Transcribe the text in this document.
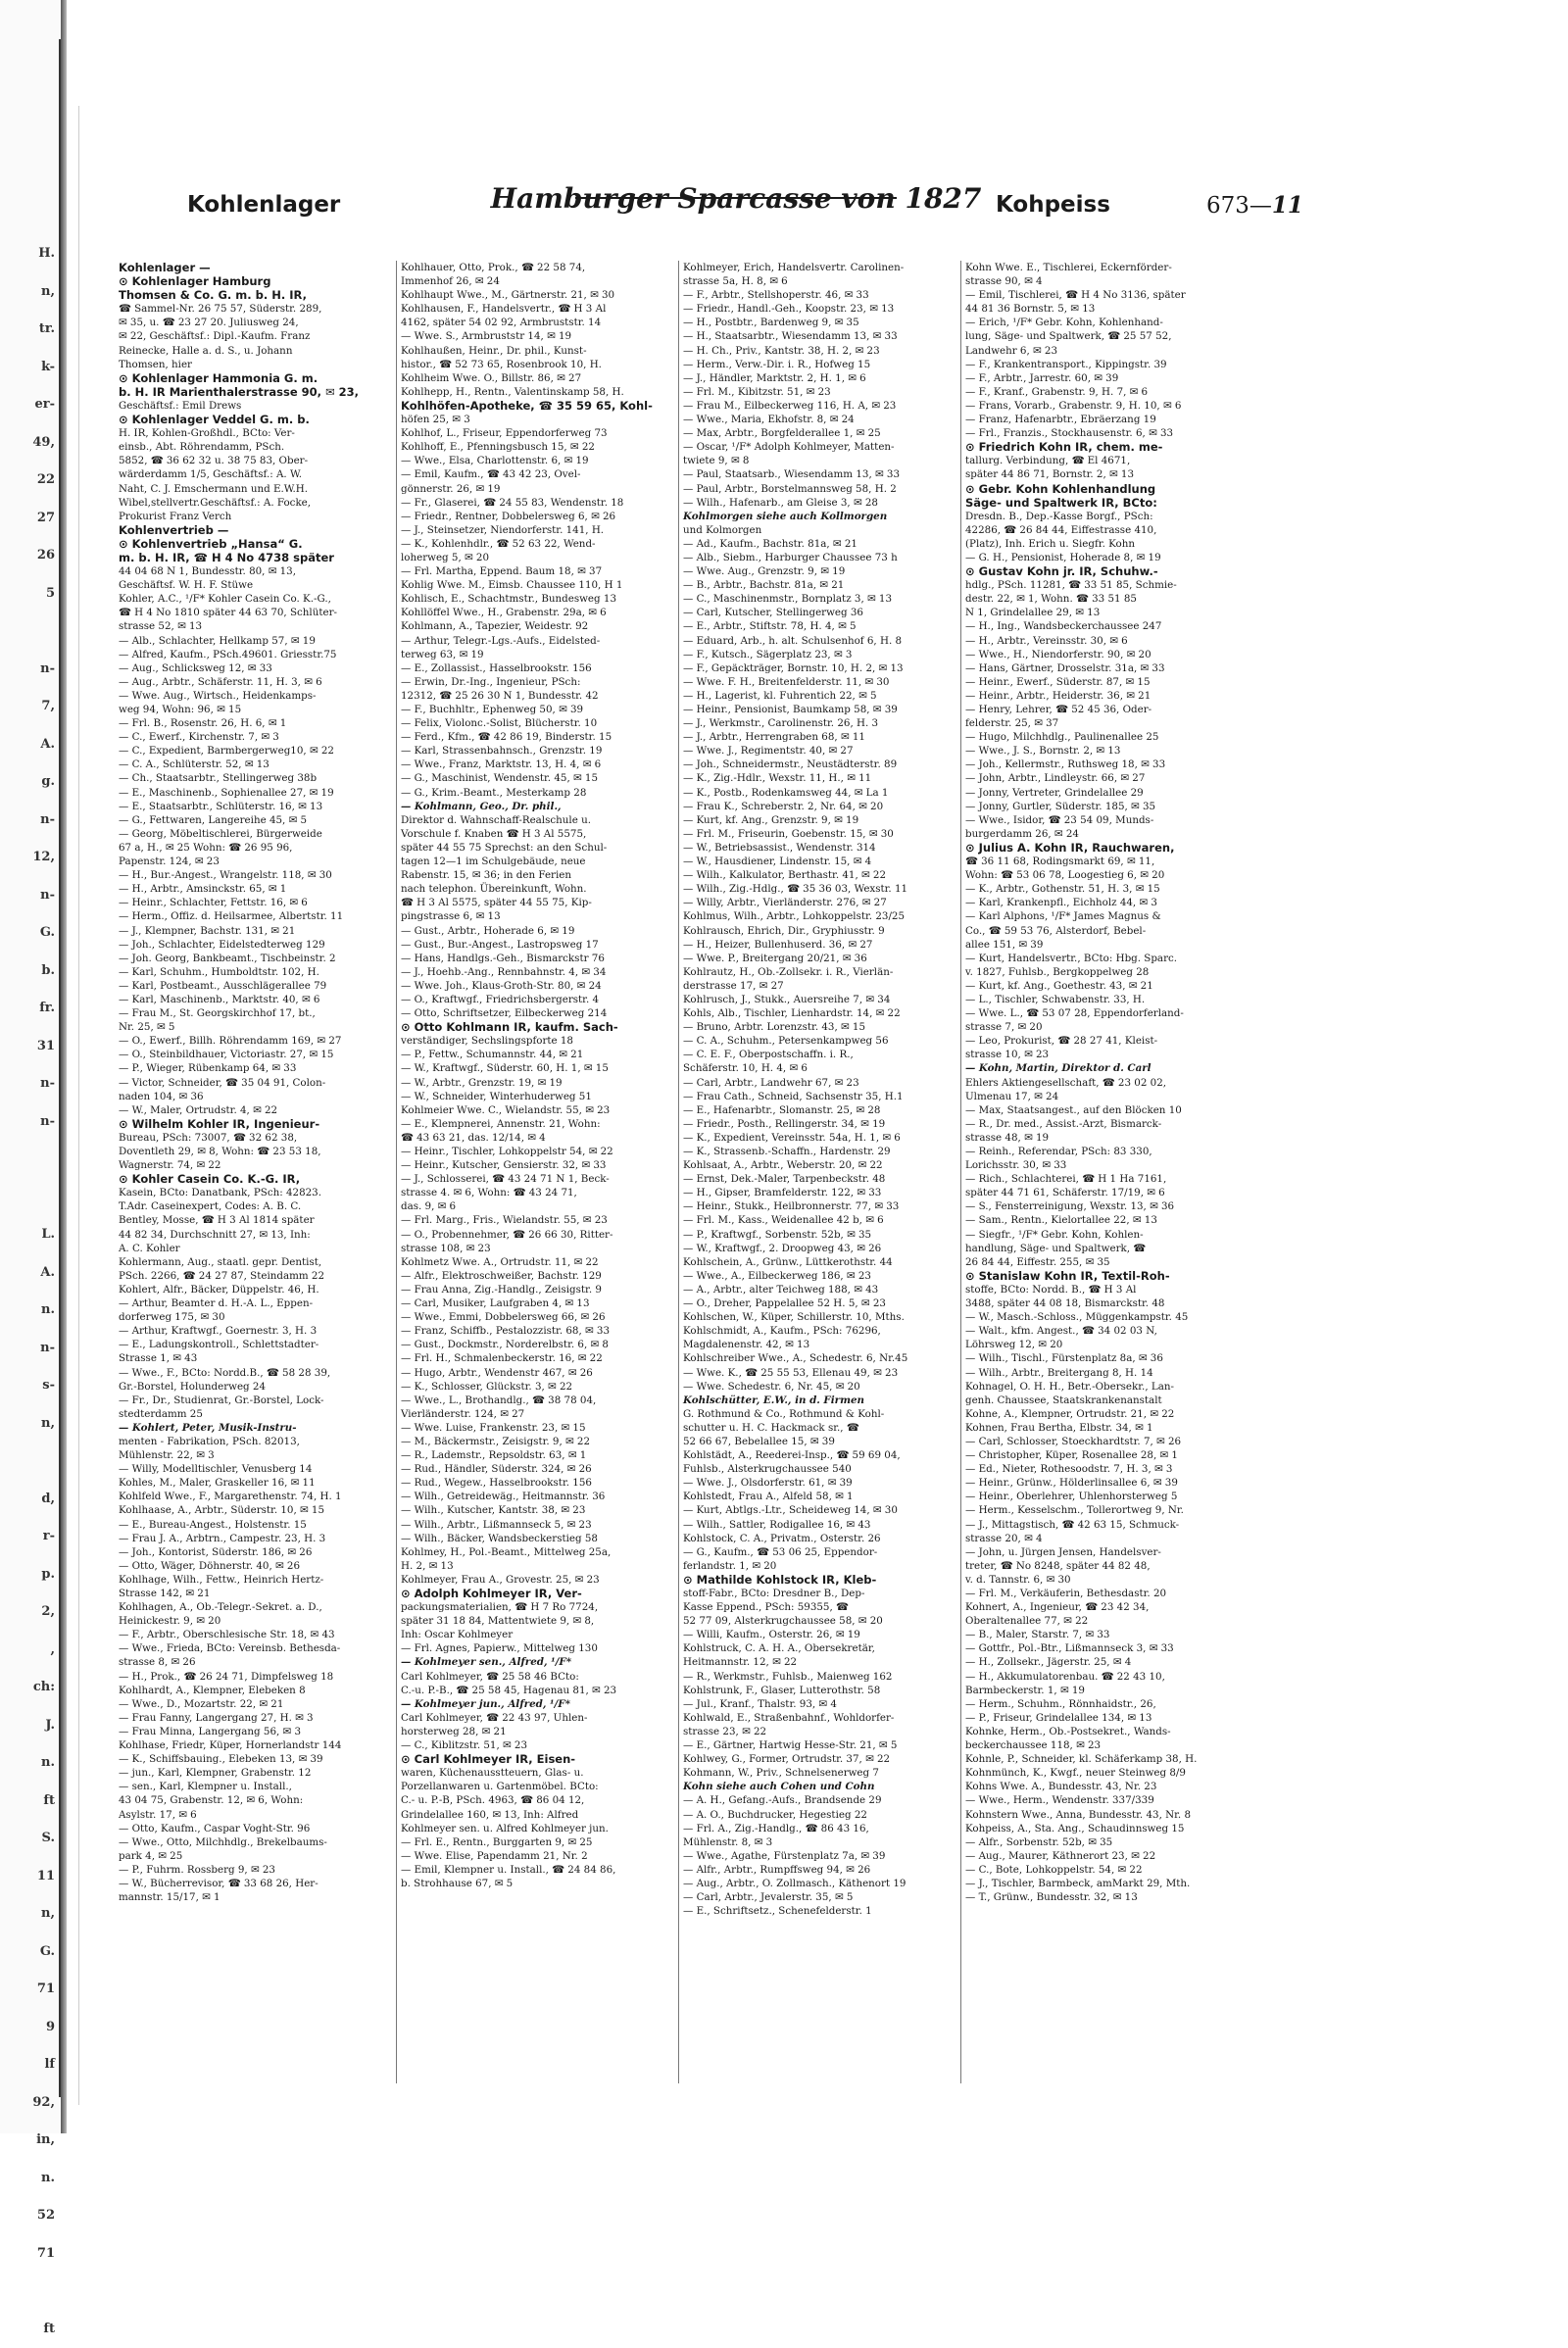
H.
n,
tr.
k-
er-
49,
22
27
26
5

n-
7,
A.
g.
n-
12,
n-
G.
b.
fr.
31
n-
n-

L.
A.
n.
n-
s-
n,

d,
r-
p.
2,
,
ch:
J.
n.
ft
S.
11
n,
G.
71
9
lf
92,
in,
n.
52
71

ft
Kohlenlager	Hamburger Sparcasse von 1827 Kohpeiss	673—11
Kohlenlager —
⊙ Kohlenlager Hamburg
Thomsen & Co. G. m. b. H. IR,
☎ Sammel-Nr. 26 75 57, Süderstr. 289,
✉ 35, u. ☎ 23 27 20. Juliusweg 24,
✉ 22, Geschäftsf.: Dipl.-Kaufm. Franz
Reinecke, Halle a. d. S., u. Johann
Thomsen, hier
⊙ Kohlenlager Hammonia G. m.
b. H. IR Marienthalerstrasse 90, ✉ 23,
Geschäftsf.: Emil Drews
⊙ Kohlenlager Veddel G. m. b.
H. IR, Kohlen-Großhdl., BCto: Ver-
einsb., Abt. Röhrendamm, PSch.
5852, ☎ 36 62 32 u. 38 75 83, Ober-
wärderdamm 1/5, Geschäftsf.: A. W.
Naht, C. J. Emschermann und E.W.H.
Wibel,stellvertr.Geschäftsf.: A. Focke,
Prokurist Franz Verch
Kohlenvertrieb —
⊙ Kohlenvertrieb „Hansa“ G.
m. b. H. IR, ☎ H 4 No 4738 später
44 04 68 N 1, Bundesstr. 80, ✉ 13,
Geschäftsf. W. H. F. Stüwe
Kohler, A.C., ¹/F* Kohler Casein Co. K.-G.,
☎ H 4 No 1810 später 44 63 70, Schlüter-
strasse 52, ✉ 13
— Alb., Schlachter, Hellkamp 57, ✉ 19
— Alfred, Kaufm., PSch.49601. Griesstr.75
— Aug., Schlicksweg 12, ✉ 33
— Aug., Arbtr., Schäferstr. 11, H. 3, ✉ 6
— Wwe. Aug., Wirtsch., Heidenkamps-
weg 94, Wohn: 96, ✉ 15
— Frl. B., Rosenstr. 26, H. 6, ✉ 1
— C., Ewerf., Kirchenstr. 7, ✉ 3
— C., Expedient, Barmbergerweg10, ✉ 22
— C. A., Schlüterstr. 52, ✉ 13
— Ch., Staatsarbtr., Stellingerweg 38b
— E., Maschinenb., Sophienallee 27, ✉ 19
— E., Staatsarbtr., Schlüterstr. 16, ✉ 13
— G., Fettwaren, Langereihe 45, ✉ 5
— Georg, Möbeltischlerei, Bürgerweide
67 a, H., ✉ 25 Wohn: ☎ 26 95 96,
Papenstr. 124, ✉ 23
— H., Bur.-Angest., Wrangelstr. 118, ✉ 30
— H., Arbtr., Amsinckstr. 65, ✉ 1
— Heinr., Schlachter, Fettstr. 16, ✉ 6
— Herm., Offiz. d. Heilsarmee, Albertstr. 11
— J., Klempner, Bachstr. 131, ✉ 21
— Joh., Schlachter, Eidelstedterweg 129
— Joh. Georg, Bankbeamt., Tischbeinstr. 2
— Karl, Schuhm., Humboldtstr. 102, H.
— Karl, Postbeamt., Ausschlägerallee 79
— Karl, Maschinenb., Marktstr. 40, ✉ 6
— Frau M., St. Georgskirchhof 17, bt.,
Nr. 25, ✉ 5
— O., Ewerf., Billh. Röhrendamm 169, ✉ 27
— O., Steinbildhauer, Victoriastr. 27, ✉ 15
— P., Wieger, Rübenkamp 64, ✉ 33
— Victor, Schneider, ☎ 35 04 91, Colon-
naden 104, ✉ 36
— W., Maler, Ortrudstr. 4, ✉ 22
⊙ Wilhelm Kohler IR, Ingenieur-
Bureau, PSch: 73007, ☎ 32 62 38,
Doventleth 29, ✉ 8, Wohn: ☎ 23 53 18,
Wagnerstr. 74, ✉ 22
⊙ Kohler Casein Co. K.-G. IR,
Kasein, BCto: Danatbank, PSch: 42823.
T.Adr. Caseinexpert, Codes: A. B. C.
Bentley, Mosse, ☎ H 3 Al 1814 später
44 82 34, Durchschnitt 27, ✉ 13, Inh:
A. C. Kohler
Kohlermann, Aug., staatl. gepr. Dentist,
PSch. 2266, ☎ 24 27 87, Steindamm 22
Kohlert, Alfr., Bäcker, Düppelstr. 46, H.
— Arthur, Beamter d. H.-A. L., Eppen-
dorferweg 175, ✉ 30
— Arthur, Kraftwgf., Goernestr. 3, H. 3
— E., Ladungskontroll., Schlettstadter-
Strasse 1, ✉ 43
— Wwe., F., BCto: Nordd.B., ☎ 58 28 39,
Gr.-Borstel, Holunderweg 24
— Fr., Dr., Studienrat, Gr.-Borstel, Lock-
stedterdamm 25
— Kohlert, Peter, Musik-Instru-
menten - Fabrikation, PSch. 82013,
Mühlenstr. 22, ✉ 3
— Willy, Modelltischler, Venusberg 14
Kohles, M., Maler, Graskeller 16, ✉ 11
Kohlfeld Wwe., F., Margarethenstr. 74, H. 1
Kohlhaase, A., Arbtr., Süderstr. 10, ✉ 15
— E., Bureau-Angest., Holstenstr. 15
— Frau J. A., Arbtrn., Campestr. 23, H. 3
— Joh., Kontorist, Süderstr. 186, ✉ 26
— Otto, Wäger, Döhnerstr. 40, ✉ 26
Kohlhage, Wilh., Fettw., Heinrich Hertz-
Strasse 142, ✉ 21
Kohlhagen, A., Ob.-Telegr.-Sekret. a. D.,
Heinickestr. 9, ✉ 20
— F., Arbtr., Oberschlesische Str. 18, ✉ 43
— Wwe., Frieda, BCto: Vereinsb. Bethesda-
strasse 8, ✉ 26
— H., Prok., ☎ 26 24 71, Dimpfelsweg 18
Kohlhardt, A., Klempner, Elebeken 8
— Wwe., D., Mozartstr. 22, ✉ 21
— Frau Fanny, Langergang 27, H. ✉ 3
— Frau Minna, Langergang 56, ✉ 3
Kohlhase, Friedr, Küper, Hornerlandstr 144
— K., Schiffsbauing., Elebeken 13, ✉ 39
— jun., Karl, Klempner, Grabenstr. 12
— sen., Karl, Klempner u. Install.,
43 04 75, Grabenstr. 12, ✉ 6, Wohn:
Asylstr. 17, ✉ 6
— Otto, Kaufm., Caspar Voght-Str. 96
— Wwe., Otto, Milchhdlg., Brekelbaums-
park 4, ✉ 25
— P., Fuhrm. Rossberg 9, ✉ 23
— W., Bücherrevisor, ☎ 33 68 26, Her-
mannstr. 15/17, ✉ 1
Kohlhauer, Otto, Prok., ☎ 22 58 74,
Immenhof 26, ✉ 24
Kohlhaupt Wwe., M., Gärtnerstr. 21, ✉ 30
Kohlhausen, F., Handelsvertr., ☎ H 3 Al
4162, später 54 02 92, Armbruststr. 14
— Wwe. S., Armbruststr 14, ✉ 19
Kohlhaußen, Heinr., Dr. phil., Kunst-
histor., ☎ 52 73 65, Rosenbrook 10, H.
Kohlheim Wwe. O., Billstr. 86, ✉ 27
Kohlhepp, H., Rentn., Valentinskamp 58, H.
Kohlhöfen-Apotheke, ☎ 35 59 65, Kohl-
höfen 25, ✉ 3
Kohlhof, L., Friseur, Eppendorferweg 73
Kohlhoff, E., Pfenningsbusch 15, ✉ 22
— Wwe., Elsa, Charlottenstr. 6, ✉ 19
— Emil, Kaufm., ☎ 43 42 23, Ovel-
gönnerstr. 26, ✉ 19
— Fr., Glaserei, ☎ 24 55 83, Wendenstr. 18
— Friedr., Rentner, Dobbelersweg 6, ✉ 26
— J., Steinsetzer, Niendorferstr. 141, H.
— K., Kohlenhdlr., ☎ 52 63 22, Wend-
loherweg 5, ✉ 20
— Frl. Martha, Eppend. Baum 18, ✉ 37
Kohlig Wwe. M., Eimsb. Chaussee 110, H 1
Kohlisch, E., Schachtmstr., Bundesweg 13
Kohllöffel Wwe., H., Grabenstr. 29a, ✉ 6
Kohlmann, A., Tapezier, Weidestr. 92
— Arthur, Telegr.-Lgs.-Aufs., Eidelsted-
terweg 63, ✉ 19
— E., Zollassist., Hasselbrookstr. 156
— Erwin, Dr.-Ing., Ingenieur, PSch:
12312, ☎ 25 26 30 N 1, Bundesstr. 42
— F., Buchhltr., Ephenweg 50, ✉ 39
— Felix, Violonc.-Solist, Blücherstr. 10
— Ferd., Kfm., ☎ 42 86 19, Binderstr. 15
— Karl, Strassenbahnsch., Grenzstr. 19
— Wwe., Franz, Marktstr. 13, H. 4, ✉ 6
— G., Maschinist, Wendenstr. 45, ✉ 15
— G., Krim.-Beamt., Mesterkamp 28
— Kohlmann, Geo., Dr. phil.,
Direktor d. Wahnschaff-Realschule u.
Vorschule f. Knaben ☎ H 3 Al 5575,
später 44 55 75 Sprechst: an den Schul-
tagen 12—1 im Schulgebäude, neue
Rabenstr. 15, ✉ 36; in den Ferien
nach telephon. Übereinkunft, Wohn.
☎ H 3 Al 5575, später 44 55 75, Kip-
pingstrasse 6, ✉ 13
— Gust., Arbtr., Hoherade 6, ✉ 19
— Gust., Bur.-Angest., Lastropsweg 17
— Hans, Handlgs.-Geh., Bismarckstr 76
— J., Hoehb.-Ang., Rennbahnstr. 4, ✉ 34
— Wwe. Joh., Klaus-Groth-Str. 80, ✉ 24
— O., Kraftwgf., Friedrichsbergerstr. 4
— Otto, Schriftsetzer, Eilbeckerweg 214
⊙ Otto Kohlmann IR, kaufm. Sach-
verständiger, Sechslingspforte 18
— P., Fettw., Schumannstr. 44, ✉ 21
— W., Kraftwgf., Süderstr. 60, H. 1, ✉ 15
— W., Arbtr., Grenzstr. 19, ✉ 19
— W., Schneider, Winterhuderweg 51
Kohlmeier Wwe. C., Wielandstr. 55, ✉ 23
— E., Klempnerei, Annenstr. 21, Wohn:
☎ 43 63 21, das. 12/14, ✉ 4
— Heinr., Tischler, Lohkoppelstr 54, ✉ 22
— Heinr., Kutscher, Gensierstr. 32, ✉ 33
— J., Schlosserei, ☎ 43 24 71 N 1, Beck-
strasse 4. ✉ 6, Wohn: ☎ 43 24 71,
das. 9, ✉ 6
— Frl. Marg., Fris., Wielandstr. 55, ✉ 23
— O., Probennehmer, ☎ 26 66 30, Ritter-
strasse 108, ✉ 23
Kohlmetz Wwe. A., Ortrudstr. 11, ✉ 22
— Alfr., Elektroschweißer, Bachstr. 129
— Frau Anna, Zig.-Handlg., Zeisigstr. 9
— Carl, Musiker, Laufgraben 4, ✉ 13
— Wwe., Emmi, Dobbelersweg 66, ✉ 26
— Franz, Schiffb., Pestalozzistr. 68, ✉ 33
— Gust., Dockmstr., Norderelbstr. 6, ✉ 8
— Frl. H., Schmalenbeckerstr. 16, ✉ 22
— Hugo, Arbtr., Wendenstr 467, ✉ 26
— K., Schlosser, Glückstr. 3, ✉ 22
— Wwe., L., Brothandlg., ☎ 38 78 04,
Vierländerstr. 124, ✉ 27
— Wwe. Luise, Frankenstr. 23, ✉ 15
— M., Bäckermstr., Zeisigstr. 9, ✉ 22
— R., Lademstr., Repsoldstr. 63, ✉ 1
— Rud., Händler, Süderstr. 324, ✉ 26
— Rud., Wegew., Hasselbrookstr. 156
— Wilh., Getreidewäg., Heitmannstr. 36
— Wilh., Kutscher, Kantstr. 38, ✉ 23
— Wilh., Arbtr., Lißmannseck 5, ✉ 23
— Wilh., Bäcker, Wandsbeckerstieg 58
Kohlmey, H., Pol.-Beamt., Mittelweg 25a,
H. 2, ✉ 13
Kohlmeyer, Frau A., Grovestr. 25, ✉ 23
⊙ Adolph Kohlmeyer IR, Ver-
packungsmaterialien, ☎ H 7 Ro 7724,
später 31 18 84, Mattentwiete 9, ✉ 8,
Inh: Oscar Kohlmeyer
— Frl. Agnes, Papierw., Mittelweg 130
— Kohlmeyer sen., Alfred, ¹/F*
Carl Kohlmeyer, ☎ 25 58 46 BCto:
C.-u. P.-B., ☎ 25 58 45, Hagenau 81, ✉ 23
— Kohlmeyer jun., Alfred, ¹/F*
Carl Kohlmeyer, ☎ 22 43 97, Uhlen-
horsterweg 28, ✉ 21
— C., Kiblitzstr. 51, ✉ 23
⊙ Carl Kohlmeyer IR, Eisen-
waren, Küchenausstteuern, Glas- u.
Porzellanwaren u. Gartenmöbel. BCto:
C.- u. P.-B, PSch. 4963, ☎ 86 04 12,
Grindelallee 160, ✉ 13, Inh: Alfred
Kohlmeyer sen. u. Alfred Kohlmeyer jun.
— Frl. E., Rentn., Burggarten 9, ✉ 25
— Wwe. Elise, Papendamm 21, Nr. 2
— Emil, Klempner u. Install., ☎ 24 84 86,
b. Strohhause 67, ✉ 5
Kohlmeyer, Erich, Handelsvertr. Carolinen-
strasse 5a, H. 8, ✉ 6
— F., Arbtr., Stellshoperstr. 46, ✉ 33
— Friedr., Handl.-Geh., Koopstr. 23, ✉ 13
— H., Postbtr., Bardenweg 9, ✉ 35
— H., Staatsarbtr., Wiesendamm 13, ✉ 33
— H. Ch., Priv., Kantstr. 38, H. 2, ✉ 23
— Herm., Verw.-Dir. i. R., Hofweg 15
— J., Händler, Marktstr. 2, H. 1, ✉ 6
— Frl. M., Kibitzstr. 51, ✉ 23
— Frau M., Eilbeckerweg 116, H. A, ✉ 23
— Wwe., Maria, Ekhofstr. 8, ✉ 24
— Max, Arbtr., Borgfelderallee 1, ✉ 25
— Oscar, ¹/F* Adolph Kohlmeyer, Matten-
twiete 9, ✉ 8
— Paul, Staatsarb., Wiesendamm 13, ✉ 33
— Paul, Arbtr., Borstelmannsweg 58, H. 2
— Wilh., Hafenarb., am Gleise 3, ✉ 28
Kohlmorgen siehe auch Kollmorgen
und Kolmorgen
— Ad., Kaufm., Bachstr. 81a, ✉ 21
— Alb., Siebm., Harburger Chaussee 73 h
— Wwe. Aug., Grenzstr. 9, ✉ 19
— B., Arbtr., Bachstr. 81a, ✉ 21
— C., Maschinenmstr., Bornplatz 3, ✉ 13
— Carl, Kutscher, Stellingerweg 36
— E., Arbtr., Stiftstr. 78, H. 4, ✉ 5
— Eduard, Arb., h. alt. Schulsenhof 6, H. 8
— F., Kutsch., Sägerplatz 23, ✉ 3
— F., Gepäckträger, Bornstr. 10, H. 2, ✉ 13
— Wwe. F. H., Breitenfelderstr. 11, ✉ 30
— H., Lagerist, kl. Fuhrentich 22, ✉ 5
— Heinr., Pensionist, Baumkamp 58, ✉ 39
— J., Werkmstr., Carolinenstr. 26, H. 3
— J., Arbtr., Herrengraben 68, ✉ 11
— Wwe. J., Regimentstr. 40, ✉ 27
— Joh., Schneidermstr., Neustädterstr. 89
— K., Zig.-Hdlr., Wexstr. 11, H., ✉ 11
— K., Postb., Rodenkamsweg 44, ✉ La 1
— Frau K., Schreberstr. 2, Nr. 64, ✉ 20
— Kurt, kf. Ang., Grenzstr. 9, ✉ 19
— Frl. M., Friseurin, Goebenstr. 15, ✉ 30
— W., Betriebsassist., Wendenstr. 314
— W., Hausdiener, Lindenstr. 15, ✉ 4
— Wilh., Kalkulator, Berthastr. 41, ✉ 22
— Wilh., Zig.-Hdlg., ☎ 35 36 03, Wexstr. 11
— Willy, Arbtr., Vierländerstr. 276, ✉ 27
Kohlmus, Wilh., Arbtr., Lohkoppelstr. 23/25
Kohlrausch, Ehrich, Dir., Gryphiusstr. 9
— H., Heizer, Bullenhuserd. 36, ✉ 27
— Wwe. P., Breitergang 20/21, ✉ 36
Kohlrautz, H., Ob.-Zollsekr. i. R., Vierlän-
derstrasse 17, ✉ 27
Kohlrusch, J., Stukk., Auersreihe 7, ✉ 34
Kohls, Alb., Tischler, Lienhardstr. 14, ✉ 22
— Bruno, Arbtr. Lorenzstr. 43, ✉ 15
— C. A., Schuhm., Petersenkampweg 56
— C. E. F., Oberpostschaffn. i. R.,
Schäferstr. 10, H. 4, ✉ 6
— Carl, Arbtr., Landwehr 67, ✉ 23
— Frau Cath., Schneid, Sachsenstr 35, H.1
— E., Hafenarbtr., Slomanstr. 25, ✉ 28
— Friedr., Posth., Rellingerstr. 34, ✉ 19
— K., Expedient, Vereinsstr. 54a, H. 1, ✉ 6
— K., Strassenb.-Schaffn., Hardenstr. 29
Kohlsaat, A., Arbtr., Weberstr. 20, ✉ 22
— Ernst, Dek.-Maler, Tarpenbeckstr. 48
— H., Gipser, Bramfelderstr. 122, ✉ 33
— Heinr., Stukk., Heilbronnerstr. 77, ✉ 33
— Frl. M., Kass., Weidenallee 42 b, ✉ 6
— P., Kraftwgf., Sorbenstr. 52b, ✉ 35
— W., Kraftwgf., 2. Droopweg 43, ✉ 26
Kohlschein, A., Grünw., Lüttkerothstr. 44
— Wwe., A., Eilbeckerweg 186, ✉ 23
— A., Arbtr., alter Teichweg 188, ✉ 43
— O., Dreher, Pappelallee 52 H. 5, ✉ 23
Kohlschen, W., Küper, Schillerstr. 10, Mths.
Kohlschmidt, A., Kaufm., PSch: 76296,
Magdalenenstr. 42, ✉ 13
Kohlschreiber Wwe., A., Schedestr. 6, Nr.45
— Wwe. K., ☎ 25 55 53, Ellenau 49, ✉ 23
— Wwe. Schedestr. 6, Nr. 45, ✉ 20
Kohlschütter, E.W., in d. Firmen
G. Rothmund & Co., Rothmund & Kohl-
schutter u. H. C. Hackmack sr., ☎
52 66 67, Bebelallee 15, ✉ 39
Kohlstädt, A., Reederei-Insp., ☎ 59 69 04,
Fuhlsb., Alsterkrugchaussee 540
— Wwe. J., Olsdorferstr. 61, ✉ 39
Kohlstedt, Frau A., Alfeld 58, ✉ 1
— Kurt, Abtlgs.-Ltr., Scheideweg 14, ✉ 30
— Wilh., Sattler, Rodigallee 16, ✉ 43
Kohlstock, C. A., Privatm., Osterstr. 26
— G., Kaufm., ☎ 53 06 25, Eppendor-
ferlandstr. 1, ✉ 20
⊙ Mathilde Kohlstock IR, Kleb-
stoff-Fabr., BCto: Dresdner B., Dep-
Kasse Eppend., PSch: 59355, ☎
52 77 09, Alsterkrugchaussee 58, ✉ 20
— Willi, Kaufm., Osterstr. 26, ✉ 19
Kohlstruck, C. A. H. A., Obersekretär,
Heitmannstr. 12, ✉ 22
— R., Werkmstr., Fuhlsb., Maienweg 162
Kohlstrunk, F., Glaser, Lutterothstr. 58
— Jul., Kranf., Thalstr. 93, ✉ 4
Kohlwald, E., Straßenbahnf., Wohldorfer-
strasse 23, ✉ 22
— E., Gärtner, Hartwig Hesse-Str. 21, ✉ 5
Kohlwey, G., Former, Ortrudstr. 37, ✉ 22
Kohmann, W., Priv., Schnelsenerweg 7
Kohn siehe auch Cohen und Cohn
— A. H., Gefang.-Aufs., Brandsende 29
— A. O., Buchdrucker, Hegestieg 22
— Frl. A., Zig.-Handlg., ☎ 86 43 16,
Mühlenstr. 8, ✉ 3
— Wwe., Agathe, Fürstenplatz 7a, ✉ 39
— Alfr., Arbtr., Rumpffsweg 94, ✉ 26
— Aug., Arbtr., O. Zollmasch., Käthenort 19
— Carl, Arbtr., Jevalerstr. 35, ✉ 5
— E., Schriftsetz., Schenefelderstr. 1
Kohn Wwe. E., Tischlerei, Eckernförder-
strasse 90, ✉ 4
— Emil, Tischlerei, ☎ H 4 No 3136, später
44 81 36 Bornstr. 5, ✉ 13
— Erich, ¹/F* Gebr. Kohn, Kohlenhand-
lung, Säge- und Spaltwerk, ☎ 25 57 52,
Landwehr 6, ✉ 23
— F., Krankentransport., Kippingstr. 39
— F., Arbtr., Jarrestr. 60, ✉ 39
— F., Kranf., Grabenstr. 9, H. 7, ✉ 6
— Frans, Vorarb., Grabenstr. 9, H. 10, ✉ 6
— Franz, Hafenarbtr., Ebräerzang 19
— Frl., Franzis., Stockhausenstr. 6, ✉ 33
⊙ Friedrich Kohn IR, chem. me-
tallurg. Verbindung, ☎ El 4671,
später 44 86 71, Bornstr. 2, ✉ 13
⊙ Gebr. Kohn Kohlenhandlung
Säge- und Spaltwerk IR, BCto:
Dresdn. B., Dep.-Kasse Borgf., PSch:
42286, ☎ 26 84 44, Eiffestrasse 410,
(Platz), Inh. Erich u. Siegfr. Kohn
— G. H., Pensionist, Hoherade 8, ✉ 19
⊙ Gustav Kohn jr. IR, Schuhw.-
hdlg., PSch. 11281, ☎ 33 51 85, Schmie-
destr. 22, ✉ 1, Wohn. ☎ 33 51 85
N 1, Grindelallee 29, ✉ 13
— H., Ing., Wandsbeckerchaussee 247
— H., Arbtr., Vereinsstr. 30, ✉ 6
— Wwe., H., Niendorferstr. 90, ✉ 20
— Hans, Gärtner, Drosselstr. 31a, ✉ 33
— Heinr., Ewerf., Süderstr. 87, ✉ 15
— Heinr., Arbtr., Heiderstr. 36, ✉ 21
— Henry, Lehrer, ☎ 52 45 36, Oder-
felderstr. 25, ✉ 37
— Hugo, Milchhdlg., Paulinenallee 25
— Wwe., J. S., Bornstr. 2, ✉ 13
— Joh., Kellermstr., Ruthsweg 18, ✉ 33
— John, Arbtr., Lindleystr. 66, ✉ 27
— Jonny, Vertreter, Grindelallee 29
— Jonny, Gurtler, Süderstr. 185, ✉ 35
— Wwe., Isidor, ☎ 23 54 09, Munds-
burgerdamm 26, ✉ 24
⊙ Julius A. Kohn IR, Rauchwaren,
☎ 36 11 68, Rodingsmarkt 69, ✉ 11,
Wohn: ☎ 53 06 78, Loogestieg 6, ✉ 20
— K., Arbtr., Gothenstr. 51, H. 3, ✉ 15
— Karl, Krankenpfl., Eichholz 44, ✉ 3
— Karl Alphons, ¹/F* James Magnus &
Co., ☎ 59 53 76, Alsterdorf, Bebel-
allee 151, ✉ 39
— Kurt, Handelsvertr., BCto: Hbg. Sparc.
v. 1827, Fuhlsb., Bergkoppelweg 28
— Kurt, kf. Ang., Goethestr. 43, ✉ 21
— L., Tischler, Schwabenstr. 33, H.
— Wwe. L., ☎ 53 07 28, Eppendorferland-
strasse 7, ✉ 20
— Leo, Prokurist, ☎ 28 27 41, Kleist-
strasse 10, ✉ 23
— Kohn, Martin, Direktor d. Carl
Ehlers Aktiengesellschaft, ☎ 23 02 02,
Ulmenau 17, ✉ 24
— Max, Staatsangest., auf den Blöcken 10
— R., Dr. med., Assist.-Arzt, Bismarck-
strasse 48, ✉ 19
— Reinh., Referendar, PSch: 83 330,
Lorichsstr. 30, ✉ 33
— Rich., Schlachterei, ☎ H 1 Ha 7161,
später 44 71 61, Schäferstr. 17/19, ✉ 6
— S., Fensterreinigung, Wexstr. 13, ✉ 36
— Sam., Rentn., Kielortallee 22, ✉ 13
— Siegfr., ¹/F* Gebr. Kohn, Kohlen-
handlung, Säge- und Spaltwerk, ☎
26 84 44, Eiffestr. 255, ✉ 35
⊙ Stanislaw Kohn IR, Textil-Roh-
stoffe, BCto: Nordd. B., ☎ H 3 Al
3488, später 44 08 18, Bismarckstr. 48
— W., Masch.-Schloss., Müggenkampstr. 45
— Walt., kfm. Angest., ☎ 34 02 03 N,
Löhrsweg 12, ✉ 20
— Wilh., Tischl., Fürstenplatz 8a, ✉ 36
— Wilh., Arbtr., Breitergang 8, H. 14
Kohnagel, O. H. H., Betr.-Obersekr., Lan-
genh. Chaussee, Staatskrankenanstalt
Kohne, A., Klempner, Ortrudstr. 21, ✉ 22
Kohnen, Frau Bertha, Elbstr. 34, ✉ 1
— Carl, Schlosser, Stoeckhardtstr. 7, ✉ 26
— Christopher, Küper, Rosenallee 28, ✉ 1
— Ed., Nieter, Rothesoodstr. 7, H. 3, ✉ 3
— Heinr., Grünw., Hölderlinsallee 6, ✉ 39
— Heinr., Oberlehrer, Uhlenhorsterweg 5
— Herm., Kesselschm., Tollerortweg 9, Nr.
— J., Mittagstisch, ☎ 42 63 15, Schmuck-
strasse 20, ✉ 4
— John, u. Jürgen Jensen, Handelsver-
treter, ☎ No 8248, später 44 82 48,
v. d. Tannstr. 6, ✉ 30
— Frl. M., Verkäuferin, Bethesdastr. 20
Kohnert, A., Ingenieur, ☎ 23 42 34,
Oberaltenallee 77, ✉ 22
— B., Maler, Starstr. 7, ✉ 33
— Gottfr., Pol.-Btr., Lißmannseck 3, ✉ 33
— H., Zollsekr., Jägerstr. 25, ✉ 4
— H., Akkumulatorenbau. ☎ 22 43 10,
Barmbeckerstr. 1, ✉ 19
— Herm., Schuhm., Rönnhaidstr., 26,
— P., Friseur, Grindelallee 134, ✉ 13
Kohnke, Herm., Ob.-Postsekret., Wands-
beckerchaussee 118, ✉ 23
Kohnle, P., Schneider, kl. Schäferkamp 38, H.
Kohnmünch, K., Kwgf., neuer Steinweg 8/9
Kohns Wwe. A., Bundesstr. 43, Nr. 23
— Wwe., Herm., Wendenstr. 337/339
Kohnstern Wwe., Anna, Bundesstr. 43, Nr. 8
Kohpeiss, A., Sta. Ang., Schaudinnsweg 15
— Alfr., Sorbenstr. 52b, ✉ 35
— Aug., Maurer, Käthnerort 23, ✉ 22
— C., Bote, Lohkoppelstr. 54, ✉ 22
— J., Tischler, Barmbeck, amMarkt 29, Mth.
— T., Grünw., Bundesstr. 32, ✉ 13
